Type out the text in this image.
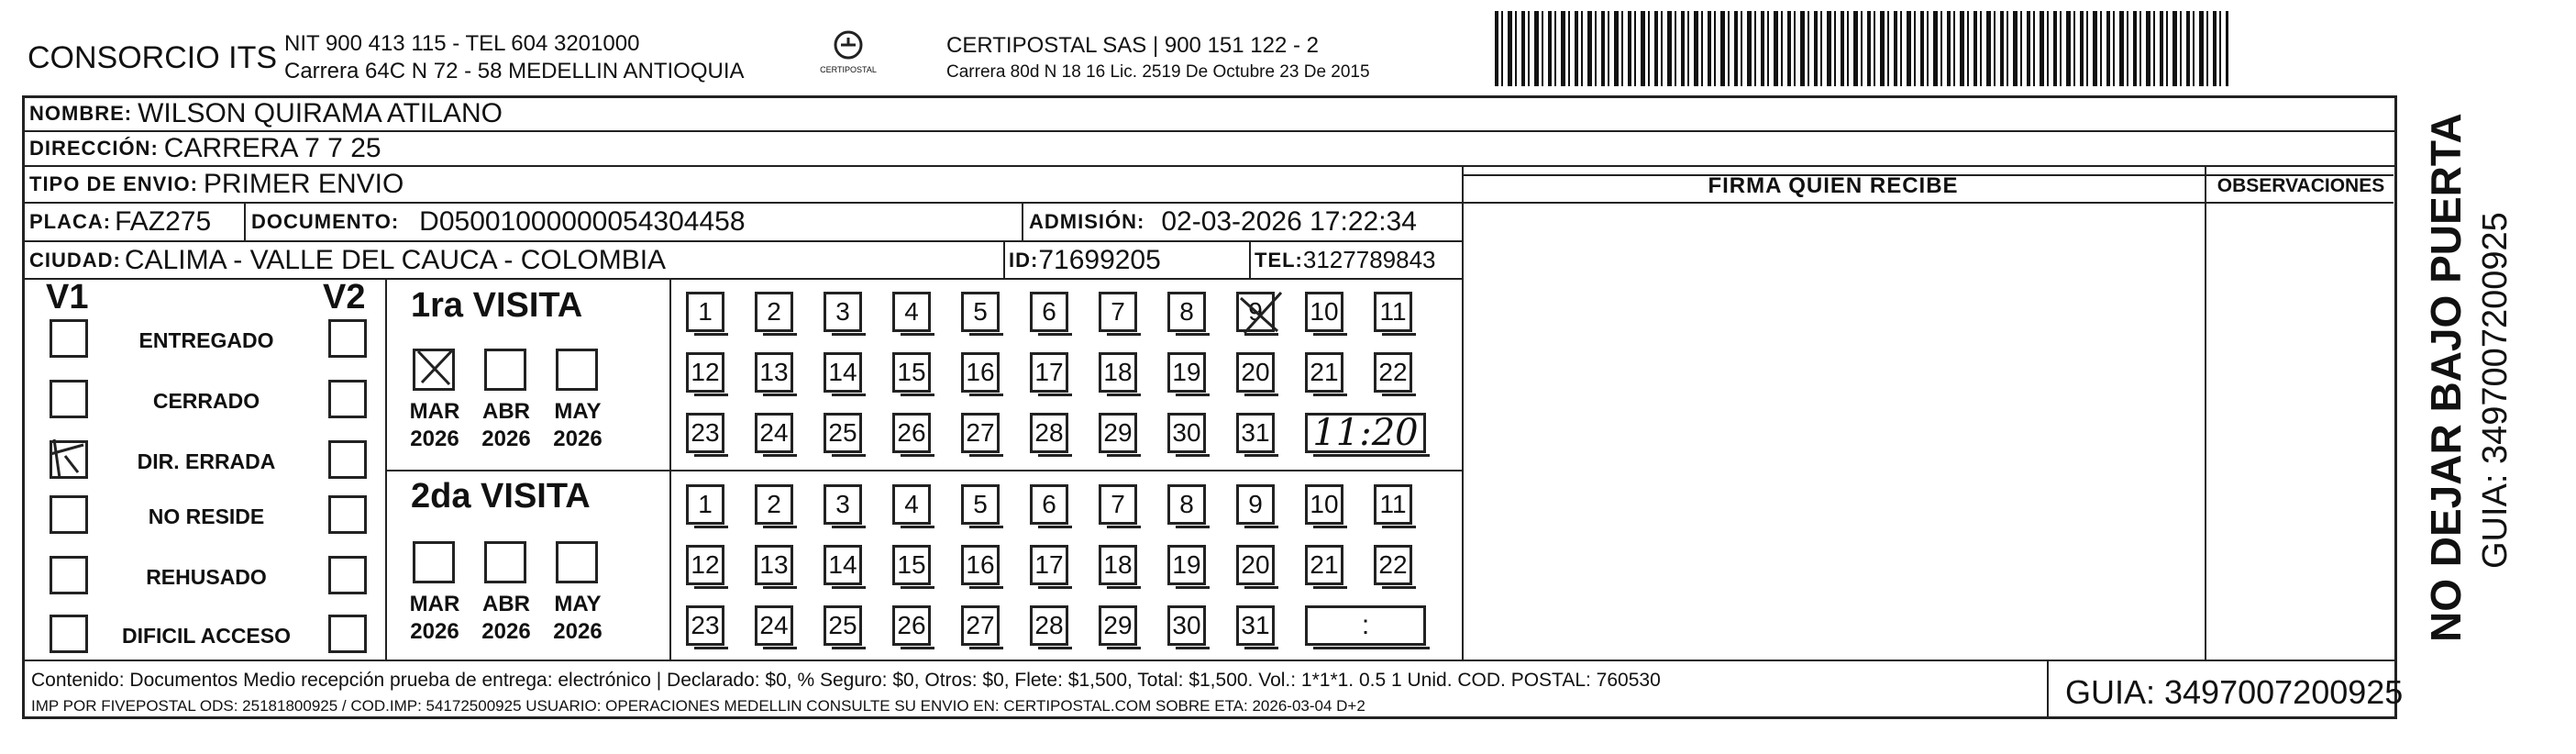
CONSORCIO ITS NIT 900 413 115 - TEL 604 3201000
Carrera 64C N 72 - 58 MEDELLIN ANTIOQUIA	CERTIPOSTAL
CERTIPOSTAL SAS | 900 151 122 - 2
Carrera 80d N 18 16 Lic. 2519 De Octubre 23 De 2015
NOMBRE: WILSON QUIRAMA ATILANO
DIRECCIÓN: CARRERA 7 7 25
TIPO DE ENVIO: PRIMER ENVIO	FIRMA QUIEN RECIBE	OBSERVACIONES
PLACA: FAZ275 DOCUMENTO: D05001000000054304458	ADMISIÓN: 02-03-2026 17:22:34
CIUDAD: CALIMA - VALLE DEL CAUCA - COLOMBIA	ID: 71699205	TEL: 3127789843
V1	V2
ENTREGADO
CERRADO
DIR. ERRADA
NO RESIDE
REHUSADO
DIFICIL ACCESO
1ra VISITA
2da VISITA
MAR
2026
ABR
2026
MAY
2026
1	2	3	4	5	6	7	8	9	10 11
12 13 14 15 16 17 18 19 20 21 22
23 24 25 26 27 28 29 30 31 11:20
MAR
2026
ABR
2026
MAY
2026
1	2	3	4	5	6	7	8	9	10 11
12 13 14 15 16 17 18 19 20 21 22
23 24 25 26 27 28 29 30 31	:
Contenido: Documentos Medio recepción prueba de entrega: electrónico | Declarado: $0, % Seguro: $0, Otros: $0, Flete: $1,500, Total: $1,500. Vol.: 1*1*1. 0.5 1 Unid. COD. POSTAL: 760530
IMP POR FIVEPOSTAL ODS: 25181800925 / COD.IMP: 54172500925 USUARIO: OPERACIONES MEDELLIN CONSULTE SU ENVIO EN: CERTIPOSTAL.COM SOBRE ETA: 2026-03-04 D+2	GUIA: 3497007200925
NO DEJAR BAJO PUERTA GUIA: 3497007200925
